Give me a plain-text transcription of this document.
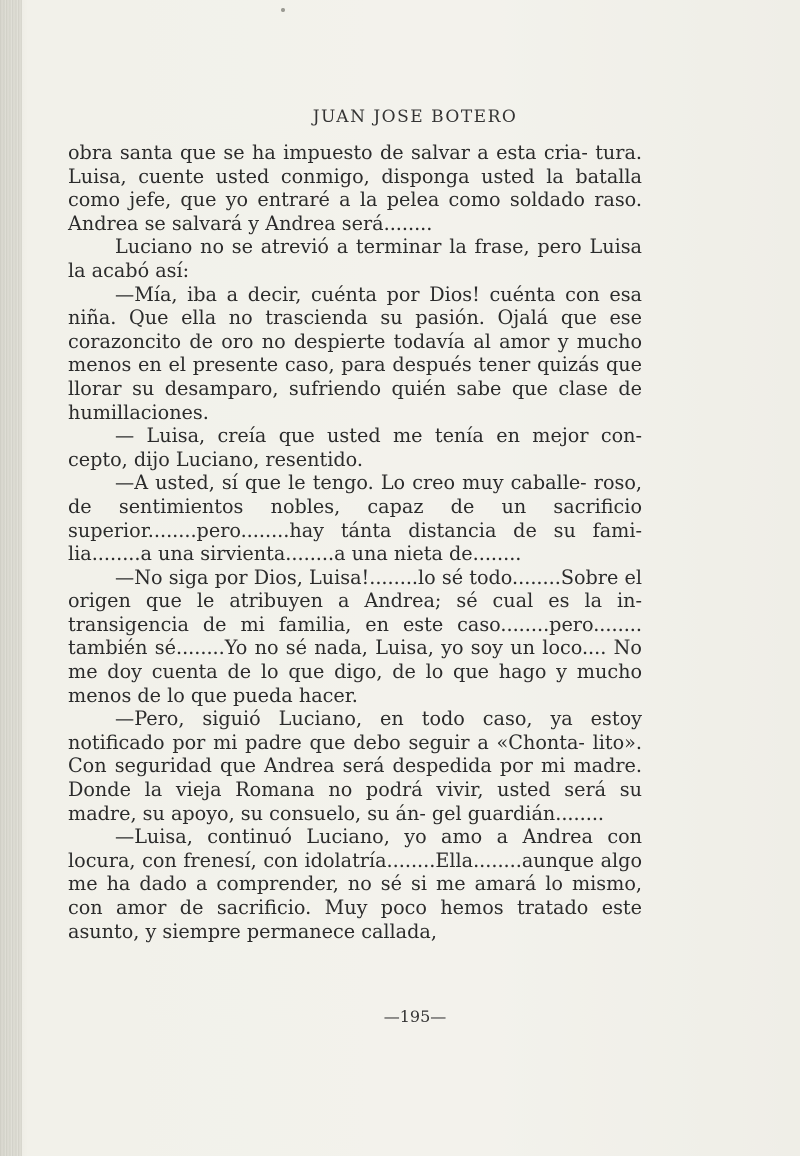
JUAN JOSE BOTERO

obra santa que se ha impuesto de salvar a esta cria- tura. Luisa, cuente usted conmigo, disponga usted la batalla como jefe, que yo entraré a la pelea como soldado raso. Andrea se salvará y Andrea será........

Luciano no se atrevió a terminar la frase, pero Luisa la acabó así:

—Mía, iba a decir, cuénta por Dios! cuénta con esa niña. Que ella no trascienda su pasión. Ojalá que ese corazoncito de oro no despierte todavía al amor y mucho menos en el presente caso, para después tener quizás que llorar su desamparo, sufriendo quién sabe que clase de humillaciones.

— Luisa, creía que usted me tenía en mejor con- cepto, dijo Luciano, resentido.

—A usted, sí que le tengo. Lo creo muy caballe- roso, de sentimientos nobles, capaz de un sacrificio superior........pero........hay tánta distancia de su fami- lia........a una sirvienta........a una nieta de........

—No siga por Dios, Luisa!........lo sé todo........Sobre el origen que le atribuyen a Andrea; sé cual es la in- transigencia de mi familia, en este caso........pero........ también sé........Yo no sé nada, Luisa, yo soy un loco.... No me doy cuenta de lo que digo, de lo que hago y mucho menos de lo que pueda hacer.

—Pero, siguió Luciano, en todo caso, ya estoy notificado por mi padre que debo seguir a «Chonta- lito». Con seguridad que Andrea será despedida por mi madre. Donde la vieja Romana no podrá vivir, usted será su madre, su apoyo, su consuelo, su án- gel guardián........

—Luisa, continuó Luciano, yo amo a Andrea con locura, con frenesí, con idolatría........Ella........aunque algo me ha dado a comprender, no sé si me amará lo mismo, con amor de sacrificio. Muy poco hemos tratado este asunto, y siempre permanece callada,

—195—
